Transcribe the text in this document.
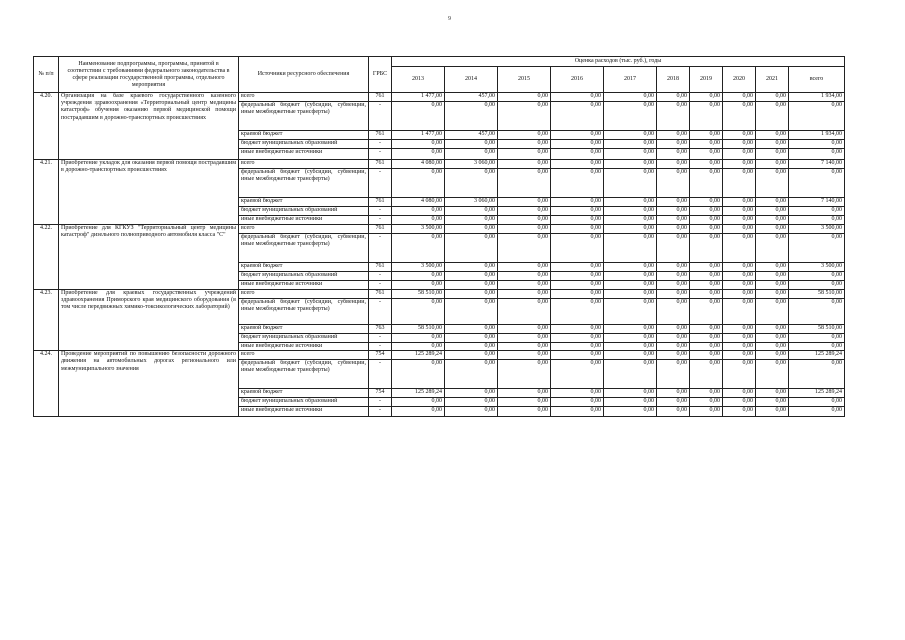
9
№ п/п	Наименование подпрограммы, программы, принятой в соответствии с требованиями федерального законодательства в сфере реализации государственной программы, отдельного мероприятия	Источники ресурсного обеспечения	ГРБС	Оценка расходов (тыс. руб.), годы									
				2013	2014	2015	2016	2017	2018	2019	2020	2021	всего
4.20.	Организация на базе краевого государственного казенного учреждения здравоохранения «Территориальный центр медицины катастроф» обучения оказанию первой медицинской помощи пострадавшим в дорожно-транспортных происшествиях	всего	761	1 477,00	457,00	0,00	0,00	0,00	0,00	0,00	0,00	0,00	1 934,00
		федеральный бюджет (субсидии, субвенции, иные межбюджетные трансферты)	-	0,00	0,00	0,00	0,00	0,00	0,00	0,00	0,00	0,00	0,00
		краевой бюджет	761	1 477,00	457,00	0,00	0,00	0,00	0,00	0,00	0,00	0,00	1 934,00
		бюджет муниципальных образований	-	0,00	0,00	0,00	0,00	0,00	0,00	0,00	0,00	0,00	0,00
		иные внебюджетные источники	-	0,00	0,00	0,00	0,00	0,00	0,00	0,00	0,00	0,00	0,00
4.21.	Приобретение укладок для оказания первой помощи пострадавшим в дорожно-транспортных происшествиях	всего	761	4 080,00	3 060,00	0,00	0,00	0,00	0,00	0,00	0,00	0,00	7 140,00
		федеральный бюджет (субсидии, субвенции, иные межбюджетные трансферты)	-	0,00	0,00	0,00	0,00	0,00	0,00	0,00	0,00	0,00	0,00
		краевой бюджет	761	4 080,00	3 060,00	0,00	0,00	0,00	0,00	0,00	0,00	0,00	7 140,00
		бюджет муниципальных образований	-	0,00	0,00	0,00	0,00	0,00	0,00	0,00	0,00	0,00	0,00
		иные внебюджетные источники	-	0,00	0,00	0,00	0,00	0,00	0,00	0,00	0,00	0,00	0,00
4.22.	Приобретение для КГКУЗ "Территориальный центр медицины катастроф" дизельного полноприводного автомобиля класса "С"	всего	761	3 500,00	0,00	0,00	0,00	0,00	0,00	0,00	0,00	0,00	3 500,00
		федеральный бюджет (субсидии, субвенции, иные межбюджетные трансферты)	-	0,00	0,00	0,00	0,00	0,00	0,00	0,00	0,00	0,00	0,00
		краевой бюджет	761	3 500,00	0,00	0,00	0,00	0,00	0,00	0,00	0,00	0,00	3 500,00
		бюджет муниципальных образований	-	0,00	0,00	0,00	0,00	0,00	0,00	0,00	0,00	0,00	0,00
		иные внебюджетные источники	-	0,00	0,00	0,00	0,00	0,00	0,00	0,00	0,00	0,00	0,00
4.23.	Приобретение для краевых государственных учреждений здравоохранения Приморского края медицинского оборудования (в том числе передвижных химико-токсикологических лабораторий)	всего	761	58 510,00	0,00	0,00	0,00	0,00	0,00	0,00	0,00	0,00	58 510,00
		федеральный бюджет (субсидии, субвенции, иные межбюджетные трансферты)	-	0,00	0,00	0,00	0,00	0,00	0,00	0,00	0,00	0,00	0,00
		краевой бюджет	763	58 510,00	0,00	0,00	0,00	0,00	0,00	0,00	0,00	0,00	58 510,00
		бюджет муниципальных образований	-	0,00	0,00	0,00	0,00	0,00	0,00	0,00	0,00	0,00	0,00
		иные внебюджетные источники	-	0,00	0,00	0,00	0,00	0,00	0,00	0,00	0,00	0,00	0,00
4.24.	Проведение мероприятий по повышению безопасности дорожного движения на автомобильных дорогах регионального или межмуниципального значения	всего	754	125 289,24	0,00	0,00	0,00	0,00	0,00	0,00	0,00	0,00	125 289,24
		федеральный бюджет (субсидии, субвенции, иные межбюджетные трансферты)	-	0,00	0,00	0,00	0,00	0,00	0,00	0,00	0,00	0,00	0,00
		краевой бюджет	754	125 289,24	0,00	0,00	0,00	0,00	0,00	0,00	0,00	0,00	125 289,24
		бюджет муниципальных образований	-	0,00	0,00	0,00	0,00	0,00	0,00	0,00	0,00	0,00	0,00
		иные внебюджетные источники	-	0,00	0,00	0,00	0,00	0,00	0,00	0,00	0,00	0,00	0,00
